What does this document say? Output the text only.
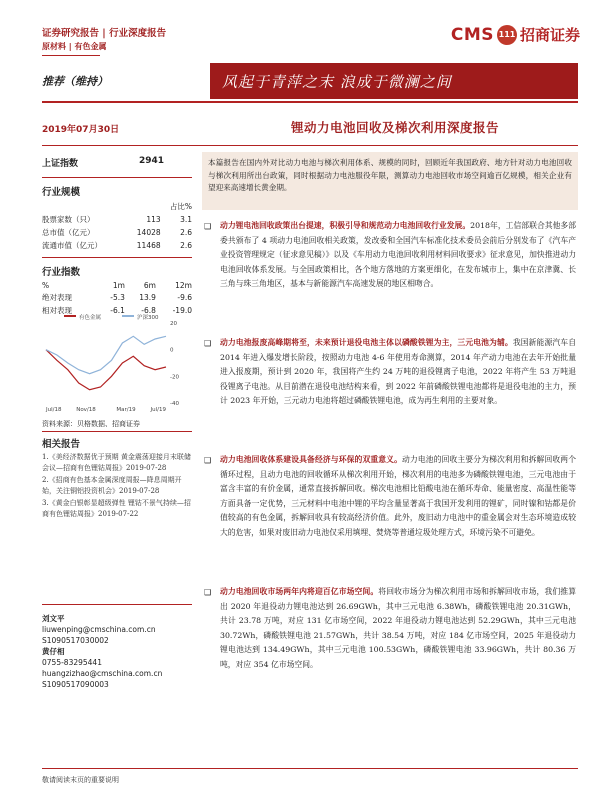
证券研究报告 | 行业深度报告
原材料 | 有色金属
CMS 111 招商证券
推荐（维持）	风起于青萍之末 浪成于微澜之间
2019年07月30日	锂动力电池回收及梯次利用深度报告
上证指数	2941
行业规模
		占比%
股票家数（只）	113	3.1
总市值（亿元）	14028	2.6
流通市值（亿元）	11468	2.6
行业指数
%	1m	6m	12m
绝对表现	-5.3	13.9	-9.6
相对表现	-6.1	-6.8	-19.0
有色金属	沪深300
20
0
-20
-40
Jul/18	Nov/18	Mar/19	Jul/19
资料来源：贝格数据、招商证券
相关报告
1.《美经济数据优于预期 黄金震荡迎接月末联储会议—招商有色锂钴周报》2019-07-28
2.《招商有色基本金属深度周报—降息周期开始，关注铜铝投资机会》2019-07-28
3.《黄金白银彰显超级弹性 锂钴不景气持续—招商有色锂钴周报》2019-07-22
刘文平
liuwenping@cmschina.com.cn
S1090517030002
黄仔相
0755-83295441
huangzizhao@cmschina.com.cn
S1090517090003
本篇报告在国内外对比动力电池与梯次利用体系、规模的同时，回顾近年我国政府、地方针对动力电池回收与梯次利用所出台政策，同时根据动力电池服役年限，测算动力电池回收市场空间逾百亿规模，相关企业有望迎来高速增长黄金期。
❑ 动力锂电池回收政策出台提速，积极引导和规范动力电池回收行业发展。2018年，工信部联合其他多部委共颁布了 4 项动力电池回收相关政策，发改委和全国汽车标准化技术委员会前后分别发布了《汽车产业投资管理规定（征求意见稿）》以及《车用动力电池回收利用材料回收要求》征求意见，加快推进动力电池回收体系发展。与全国政策相比，各个地方落地的方案更细化，在发布城市上，集中在京津冀、长三角与珠三角地区，基本与新能源汽车高速发展的地区相吻合。
❑ 动力电池报废高峰期将至，未来预计退役电池主体以磷酸铁锂为主，三元电池为辅。我国新能源汽车自 2014 年进入爆发增长阶段，按照动力电池 4-6 年使用寿命测算，2014 年产动力电池在去年开始批量进入报废期，预计到 2020 年，我国将产生约 24 万吨的退役锂离子电池，2022 年将产生 53 万吨退役锂离子电池。从目前潜在退役电池结构来看，到 2022 年前磷酸铁锂电池都将是退役电池的主力，预计 2023 年开始，三元动力电池将超过磷酸铁锂电池，成为再生利用的主要对象。
❑ 动力电池回收体系建设具备经济与环保的双重意义。动力电池的回收主要分为梯次利用和拆解回收两个循环过程，且动力电池的回收循环从梯次利用开始，梯次利用的电池多为磷酸铁锂电池，三元电池由于富含丰富的有价金属，通常直接拆解回收。梯次电池相比铅酸电池在循环寿命、能量密度、高温性能等方面具备一定优势，三元材料中电池中锂的平均含量显著高于我国开发利用的锂矿，同时镍和钴都是价值较高的有色金属，拆解回收具有较高经济价值。此外，废旧动力电池中的重金属会对生态环境造成较大的危害，如果对废旧动力电池仅采用填埋、焚烧等普通垃圾处理方式，环境污染不可避免。
❑ 动力电池回收市场两年内将迎百亿市场空间。将回收市场分为梯次利用市场和拆解回收市场，我们推算出 2020 年退役动力锂电池达到 26.69GWh，其中三元电池 6.38Wh，磷酸铁锂电池 20.31GWh，共计 23.78 万吨，对应 131 亿市场空间，2022 年退役动力锂电池达到 52.29GWh，其中三元电池 30.72Wh，磷酸铁锂电池 21.57GWh，共计 38.54 万吨，对应 184 亿市场空间，2025 年退役动力锂电池达到 134.49GWh，其中三元电池 100.53GWh，磷酸铁锂电池 33.96GWh，共计 80.36 万吨，对应 354 亿市场空间。
敬请阅读末页的重要说明
